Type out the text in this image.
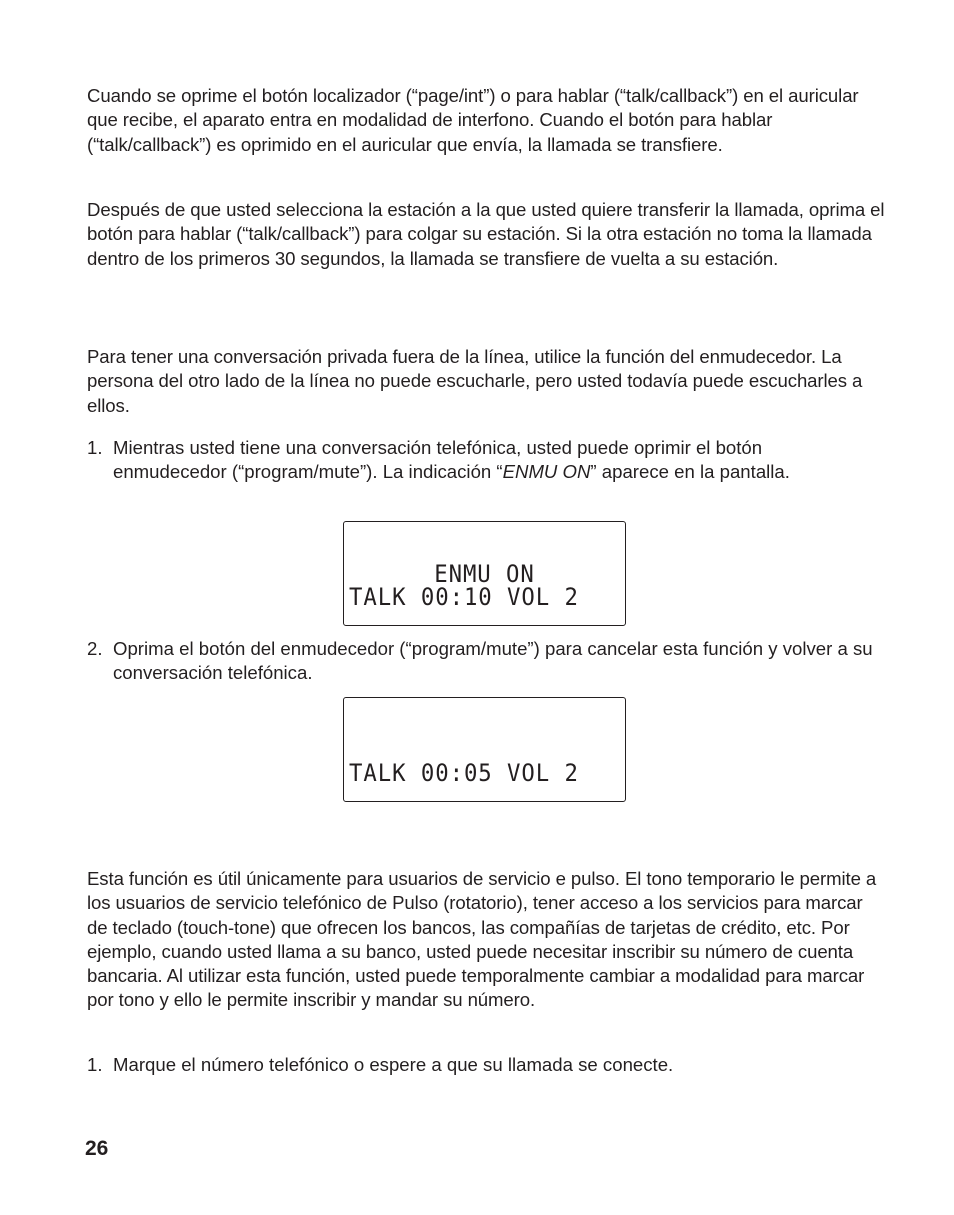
Cuando se oprime el botón localizador (“page/int”) o para hablar (“talk/callback”) en el auricular que recibe, el aparato entra en modalidad de interfono. Cuando el botón para hablar (“talk/callback”) es oprimido en el auricular que envía, la llamada se transfiere.

Después de que usted selecciona la estación a la que usted quiere transferir la llamada, oprima el botón para hablar (“talk/callback”) para colgar su estación. Si la otra estación no toma la llamada dentro de los primeros 30 segundos, la llamada se transfiere de vuelta a su estación.

Para tener una conversación privada fuera de la línea, utilice la función del enmudecedor. La persona del otro lado de la línea no puede escucharle, pero usted todavía puede escucharles a ellos.

1. Mientras usted tiene una conversación telefónica, usted puede oprimir el botón enmudecedor (“program/mute”). La indicación “ENMU ON” aparece en la pantalla.
ENMU ON
TALK 00:10 VOL 2
2. Oprima el botón del enmudecedor (“program/mute”) para cancelar esta función y volver a su conversación telefónica.
TALK 00:05 VOL 2

Esta función es útil únicamente para usuarios de servicio e pulso. El tono temporario le permite a los usuarios de servicio telefónico de Pulso (rotatorio), tener acceso a los servicios para marcar de teclado (touch-tone) que ofrecen los bancos, las compañías de tarjetas de crédito, etc. Por ejemplo, cuando usted llama a su banco, usted puede necesitar inscribir su número de cuenta bancaria. Al utilizar esta función, usted puede temporalmente cambiar a modalidad para marcar por tono y ello le permite inscribir y mandar su número.

1. Marque el número telefónico o espere a que su llamada se conecte.
26
